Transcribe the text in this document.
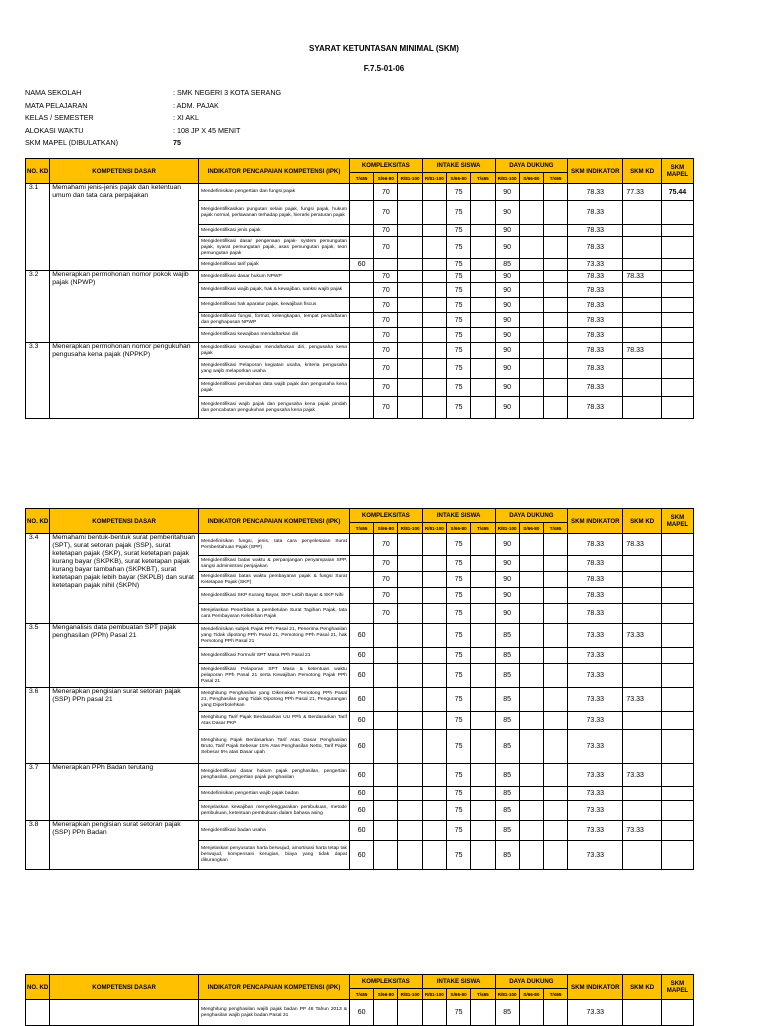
SYARAT KETUNTASAN MINIMAL (SKM)
F.7.5-01-06
NAMA SEKOLAH	: SMK NEGERI 3 KOTA SERANG
MATA PELAJARAN	: ADM. PAJAK
KELAS / SEMESTER	: XI AKL
ALOKASI WAKTU	: 108 JP X 45 MENIT
SKM MAPEL (DIBULATKAN)	75
NO. KD	KOMPETENSI DASAR	INDIKATOR PENCAPAIAN KOMPETENSI (IPK)	KOMPLEKSITAS			INTAKE SISWA			DAYA DUKUNG			SKM INDIKATOR	SKM KD	SKM MAPEL
			T/≤65	S/66-80	R/81-100	R/81-100	S/66-80	T/≤65	R/81-100	S/66-80	T/≤65			
3.1	Memahami jenis-jenis pajak dan ketentuan umum dan tata cara perpajakan	Mendefinisikan pengertian dan fungsi pajak		70			75		90			78.33	77.33	75.44
		Mengidentifikasikan pungutan selain pajak, fungsi pajak, hukum pajak normal, perlawanan terhadap pajak, hierarki peraturan pajak		70			75		90			78.33		
		Mengidentifikasi jenis pajak		70			75		90			78.33		
		Mengidentifikasi dasar pengenaan pajak- system pemungutan pajak, syarat pemungutan pajak, asas pemungutan pajak, teori pemungutan pajak		70			75		90			78.33		
		Mengidentifikasi tarif pajak	60				75		85			73.33		
3.2	Menerapkan permohonan nomor pokok wajib pajak (NPWP)	Mengidentifikasi dasar hukum NPWP		70			75		90			78.33	78.33	
		Mengidentifikasi wajib pajak, hak & kewajiban, sanksi wajib pajak		70			75		90			78.33		
		Mengidentifikasi hak aparatur pajak, kewajiban fiscus		70			75		90			78.33		
		Mengidentifikasi fungsi, format, kelengkapan, tempat pendaftaran dan penghapusan NPWP		70			75		90			78.33		
		Mengidentifikasi kewajiban mendaftarkan diri		70			75		90			78.33		
3.3	Menerapkan permohonan nomor pengukuhan pengusaha kena pajak (NPPKP)	Mengidentifikasi kewajiban mendaftarkan diri, pengusaha kena pajak		70			75		90			78.33	78.33	
		Mengidentifikasi Pelaporan kegiatan usaha, kriteria pengusaha yang wajib melaporkan usaha		70			75		90			78.33		
		Mengidentifikasi perubahan data wajib pajak dan pengusaha kena pajak		70			75		90			78.33		
		Mengidentifikasi wajib pajak dan pengusaha kena pajak pindah dan pencabutan pengukuhan pengusaha kena pajak		70			75		90			78.33		
NO. KD	KOMPETENSI DASAR	INDIKATOR PENCAPAIAN KOMPETENSI (IPK)	KOMPLEKSITAS			INTAKE SISWA			DAYA DUKUNG			SKM INDIKATOR	SKM KD	SKM MAPEL
			T/≤65	S/66-80	R/81-100	R/81-100	S/66-80	T/≤65	R/81-100	S/66-80	T/≤65			
3.4	Memahami bentuk-bentuk surat pemberitahuan (SPT), surat setoran pajak (SSP), surat ketetapan pajak (SKP), surat ketetapan pajak kurang bayar (SKPKB), surat ketetapan pajak kurang bayar tambahan (SKPKBT), surat ketetapan pajak lebih bayar (SKPLB) dan surat ketetapan pajak nihil (SKPN)	Mendefinisikan fungsi, jenis, tata cara penyelesaian Surat Pemberitahuan Pajak (SPP)		70			75		90			78.33	78.33	
		Mengidentifikasi batas waktu & perpanjangan penyampaian SPP, sangsi administrasi penjajakan		70			75		90			78.33		
		Mengidentifikasi batas waktu pembayaran pajak & fungsi Surat Ketetapan Pajak (SKP)		70			75		90			78.33		
		Mengidentifikasi SKP Kurang Bayar, SKP Lebih Bayar & SKP Nihi		70			75		90			78.33		
		Menjelaskan Penerbitan & pembetulan Surat Tagihan Pajak, tata cara Pembayaran Kelebihan Pajak		70			75		90			78.33		
3.5	Menganalisis data pembuatan SPT pajak penghasilan (PPh) Pasal 21	Mendefinisikan subjek Pajak PPh Pasal 21, Penerima Penghasilan yang Tidak dipotong PPh Pasal 21, Pemotong PPh Pasal 21, hak Pemotong PPh Pasal 21	60				75		85			73.33	73.33	
		Mengidentifikasi Formulir SPT Masa PPh Pasal 21	60				75		85			73.33		
		Mengidentifikasi Pelaporan SPT Masa & ketentuan waktu pelaporan PPh Pasal 21 serta Kewajiban Pemotong Pajak PPh Pasal 21	60				75		85			73.33		
3.6	Menerapkan pengisian surat setoran pajak (SSP) PPh pasal 21	Menghitung Penghasilan yang Dikenakan Pemotong PPh Pasal 21, Penghasilan yang Tidak Dipotong PPh Pasal 21, Pengurangan yang Diperbolehkan	60				75		85			73.33	73.33	
		Menghitung Tarif Pajak Berdasarkan UU PPh & Berdasarkan Tarif Atas Dasar PKP	60				75		85			73.33		
		Menghitung Pajak Berdasarkan Tarif Atas Dasar Penghasilan Bruto, Tarif Pajak Sebesar 15% Atas Penghasilan Netto, Tarif Pajak Sebesar 5% atas Dasar upah	60				75		85			73.33		
3.7	Menerapkan PPh Badan terutang	Mengidentifikasi dasar hukum pajak penghasilan, pengertian penghasilan, pengertian pajak penghasilan	60				75		85			73.33	73.33	
		Mendefinisikan pengertian wajib pajak badan	60				75		85			73.33		
		Menjelaskan kewajiban menyelenggarakan pembukuan, metode pembukuan, ketentuan pembukuan dalam bahasa asing	60				75		85			73.33		
3.8	Menerapkan pengisian surat setoran pajak (SSP) PPh Badan	Mengidentifikasi badan usaha	60				75		85			73.33	73.33	
		Menjelaskan penyusutan harta berwujud, amortisasi harta tetap tak berwujud, kompensasi kerugian, biaya yang tidak dapat dikurangkan	60				75		85			73.33		
NO. KD	KOMPETENSI DASAR	INDIKATOR PENCAPAIAN KOMPETENSI (IPK)	KOMPLEKSITAS			INTAKE SISWA			DAYA DUKUNG			SKM INDIKATOR	SKM KD	SKM MAPEL
			T/≤65	S/66-80	R/81-100	R/81-100	S/66-80	T/≤65	R/81-100	S/66-80	T/≤65			
		Menghitung penghasilan wajib pajak badan PP 46 Tahun 2013 & penghasilan wajib pajak badan Pasal 31	60				75		85			73.33		
